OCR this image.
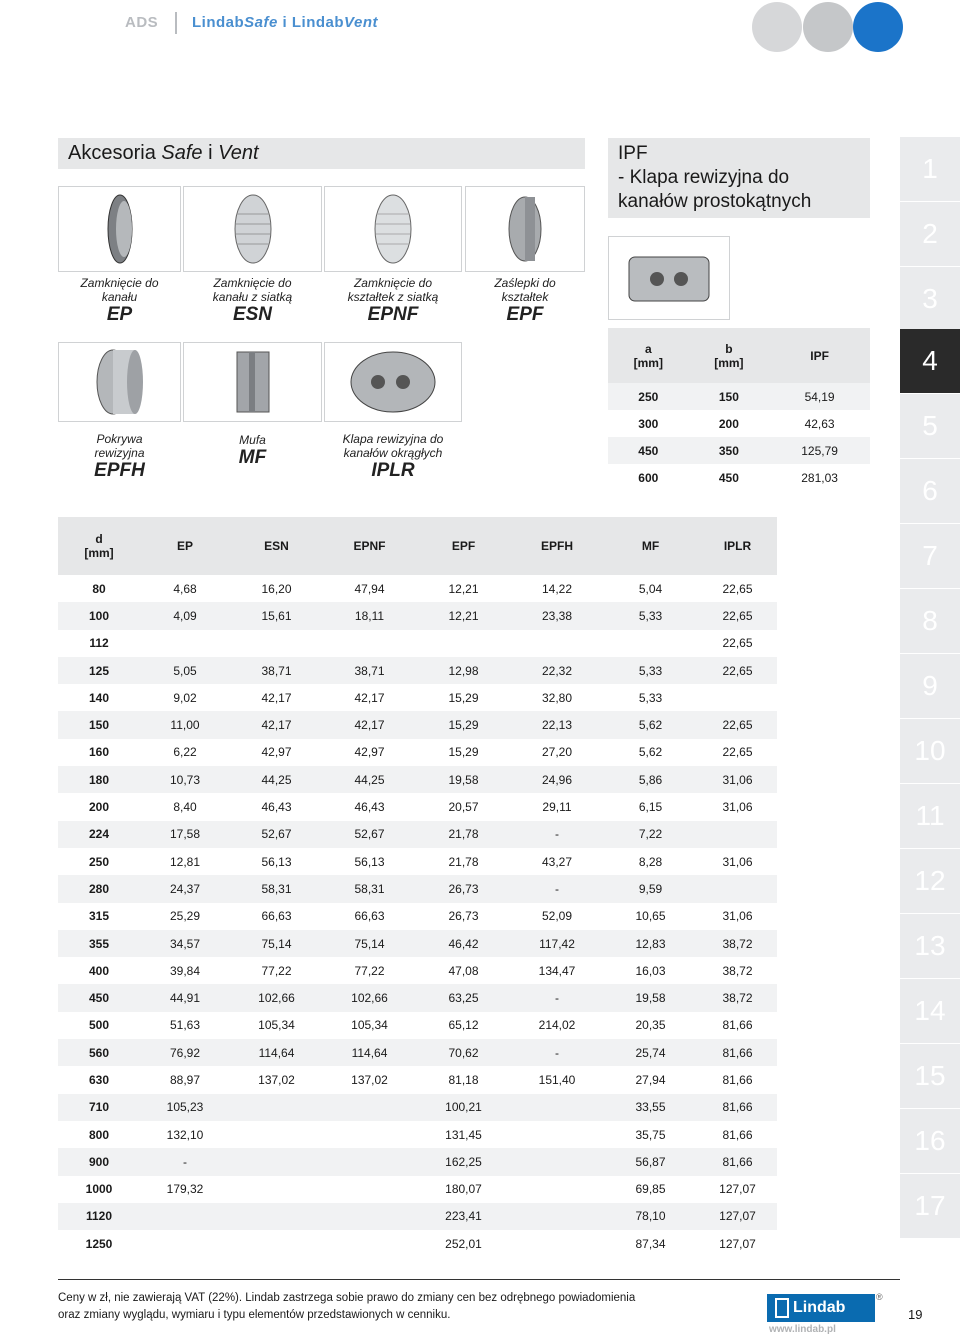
ADS LindabSafe i LindabVent
1
2
3
4
5
6
7
8
9
10
11
12
13
14
15
16
17
Akcesoria Safe i Vent
Zamknięcie do
kanału
EP
Zamknięcie do
kanału z siatką
ESN
Zamknięcie do
kształtek z siatką
EPNF
Zaślepki do
kształtek
EPF
Pokrywa
rewizyjna
EPFH
Mufa
MF
Klapa rewizyjna do
kanałów okrągłych
IPLR
IPF
- Klapa rewizyjna do
kanałów prostokątnych
a
[mm]	b
[mm]	IPF
250	150	54,19
300	200	42,63
450	350	125,79
600	450	281,03
d
[mm]	EP	ESN	EPNF	EPF	EPFH	MF	IPLR
80	4,68	16,20	47,94	12,21	14,22	5,04	22,65
100	4,09	15,61	18,11	12,21	23,38	5,33	22,65
112							22,65
125	5,05	38,71	38,71	12,98	22,32	5,33	22,65
140	9,02	42,17	42,17	15,29	32,80	5,33	
150	11,00	42,17	42,17	15,29	22,13	5,62	22,65
160	6,22	42,97	42,97	15,29	27,20	5,62	22,65
180	10,73	44,25	44,25	19,58	24,96	5,86	31,06
200	8,40	46,43	46,43	20,57	29,11	6,15	31,06
224	17,58	52,67	52,67	21,78	-	7,22	
250	12,81	56,13	56,13	21,78	43,27	8,28	31,06
280	24,37	58,31	58,31	26,73	-	9,59	
315	25,29	66,63	66,63	26,73	52,09	10,65	31,06
355	34,57	75,14	75,14	46,42	117,42	12,83	38,72
400	39,84	77,22	77,22	47,08	134,47	16,03	38,72
450	44,91	102,66	102,66	63,25	-	19,58	38,72
500	51,63	105,34	105,34	65,12	214,02	20,35	81,66
560	76,92	114,64	114,64	70,62	-	25,74	81,66
630	88,97	137,02	137,02	81,18	151,40	27,94	81,66
710	105,23			100,21		33,55	81,66
800	132,10			131,45		35,75	81,66
900	-			162,25		56,87	81,66
1000	179,32			180,07		69,85	127,07
1120				223,41		78,10	127,07
1250				252,01		87,34	127,07
Ceny w zł, nie zawierają VAT (22%). Lindab zastrzega sobie prawo do zmiany cen bez odrębnego powiadomienia
oraz zmiany wyglądu, wymiaru i typu elementów przedstawionych w cenniku.	Lindab
®
www.lindab.pl
19
